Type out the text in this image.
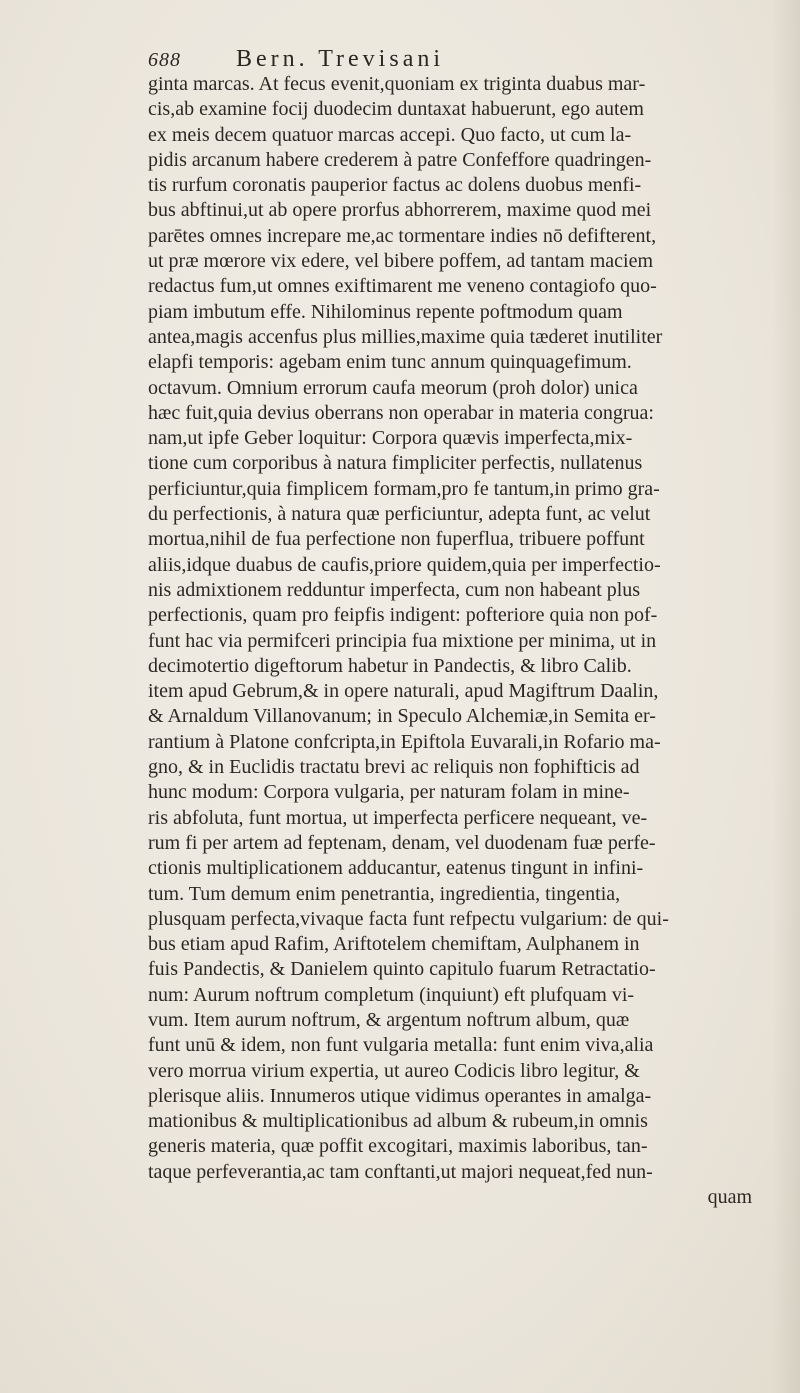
688 Bern. Trevisani
ginta marcas. At fecus evenit,quoniam ex triginta duabus mar-
cis,ab examine focij duodecim duntaxat habuerunt, ego autem
ex meis decem quatuor marcas accepi. Quo facto, ut cum la-
pidis arcanum habere crederem à patre Confeffore quadringen-
tis rurfum coronatis pauperior factus ac dolens duobus menfi-
bus abftinui,ut ab opere prorfus abhorrerem, maxime quod mei
parētes omnes increpare me,ac tormentare indies nō defifterent,
ut præ mœrore vix edere, vel bibere poffem, ad tantam maciem
redactus fum,ut omnes exiftimarent me veneno contagiofo quo-
piam imbutum effe. Nihilominus repente poftmodum quam
antea,magis accenfus plus millies,maxime quia tæderet inutiliter
elapfi temporis: agebam enim tunc annum quinquagefimum.
octavum. Omnium errorum caufa meorum (proh dolor) unica
hæc fuit,quia devius oberrans non operabar in materia congrua:
nam,ut ipfe Geber loquitur: Corpora quævis imperfecta,mix-
tione cum corporibus à natura fimpliciter perfectis, nullatenus
perficiuntur,quia fimplicem formam,pro fe tantum,in primo gra-
du perfectionis, à natura quæ perficiuntur, adepta funt, ac velut
mortua,nihil de fua perfectione non fuperflua, tribuere poffunt
aliis,idque duabus de caufis,priore quidem,quia per imperfectio-
nis admixtionem redduntur imperfecta, cum non habeant plus
perfectionis, quam pro feipfis indigent: pofteriore quia non pof-
funt hac via permifceri principia fua mixtione per minima, ut in
decimotertio digeftorum habetur in Pandectis, & libro Calib.
item apud Gebrum,& in opere naturali, apud Magiftrum Daalin,
& Arnaldum Villanovanum; in Speculo Alchemiæ,in Semita er-
rantium à Platone confcripta,in Epiftola Euvarali,in Rofario ma-
gno, & in Euclidis tractatu brevi ac reliquis non fophifticis ad
hunc modum: Corpora vulgaria, per naturam folam in mine-
ris abfoluta, funt mortua, ut imperfecta perficere nequeant, ve-
rum fi per artem ad feptenam, denam, vel duodenam fuæ perfe-
ctionis multiplicationem adducantur, eatenus tingunt in infini-
tum. Tum demum enim penetrantia, ingredientia, tingentia,
plusquam perfecta,vivaque facta funt refpectu vulgarium: de qui-
bus etiam apud Rafim, Ariftotelem chemiftam, Aulphanem in
fuis Pandectis, & Danielem quinto capitulo fuarum Retractatio-
num: Aurum noftrum completum (inquiunt) eft plufquam vi-
vum. Item aurum noftrum, & argentum noftrum album, quæ
funt unū & idem, non funt vulgaria metalla: funt enim viva,alia
vero morrua virium expertia, ut aureo Codicis libro legitur, &
plerisque aliis. Innumeros utique vidimus operantes in amalga-
mationibus & multiplicationibus ad album & rubeum,in omnis
generis materia, quæ poffit excogitari, maximis laboribus, tan-
taque perfeverantia,ac tam conftanti,ut majori nequeat,fed nun-
quam
